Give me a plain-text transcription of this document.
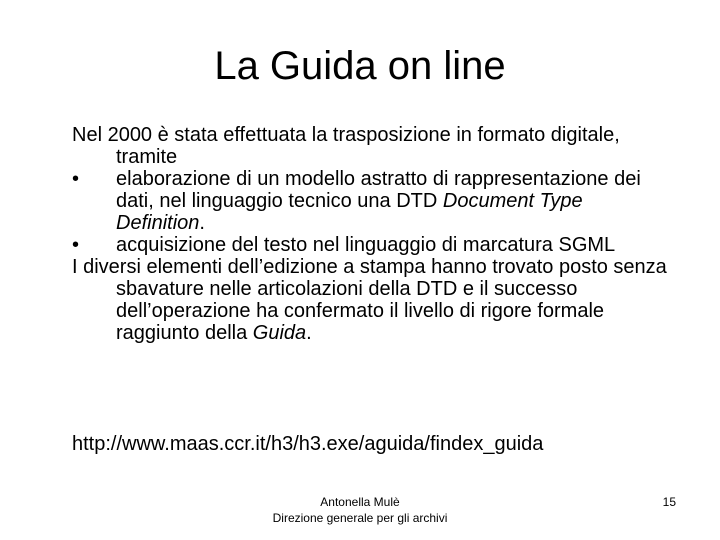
La Guida on line

Nel 2000 è stata effettuata la trasposizione in formato digitale, tramite

•	elaborazione di un modello astratto di rappresentazione dei dati, nel linguaggio tecnico una DTD Document Type Definition.
•	acquisizione del testo nel linguaggio di marcatura SGML

I diversi elementi dell’edizione a stampa hanno trovato posto senza sbavature nelle articolazioni della DTD e il successo dell’operazione ha confermato il livello di rigore formale raggiunto della Guida.

http://www.maas.ccr.it/h3/h3.exe/aguida/findex_guida
Antonella Mulè
Direzione generale per gli archivi
15
